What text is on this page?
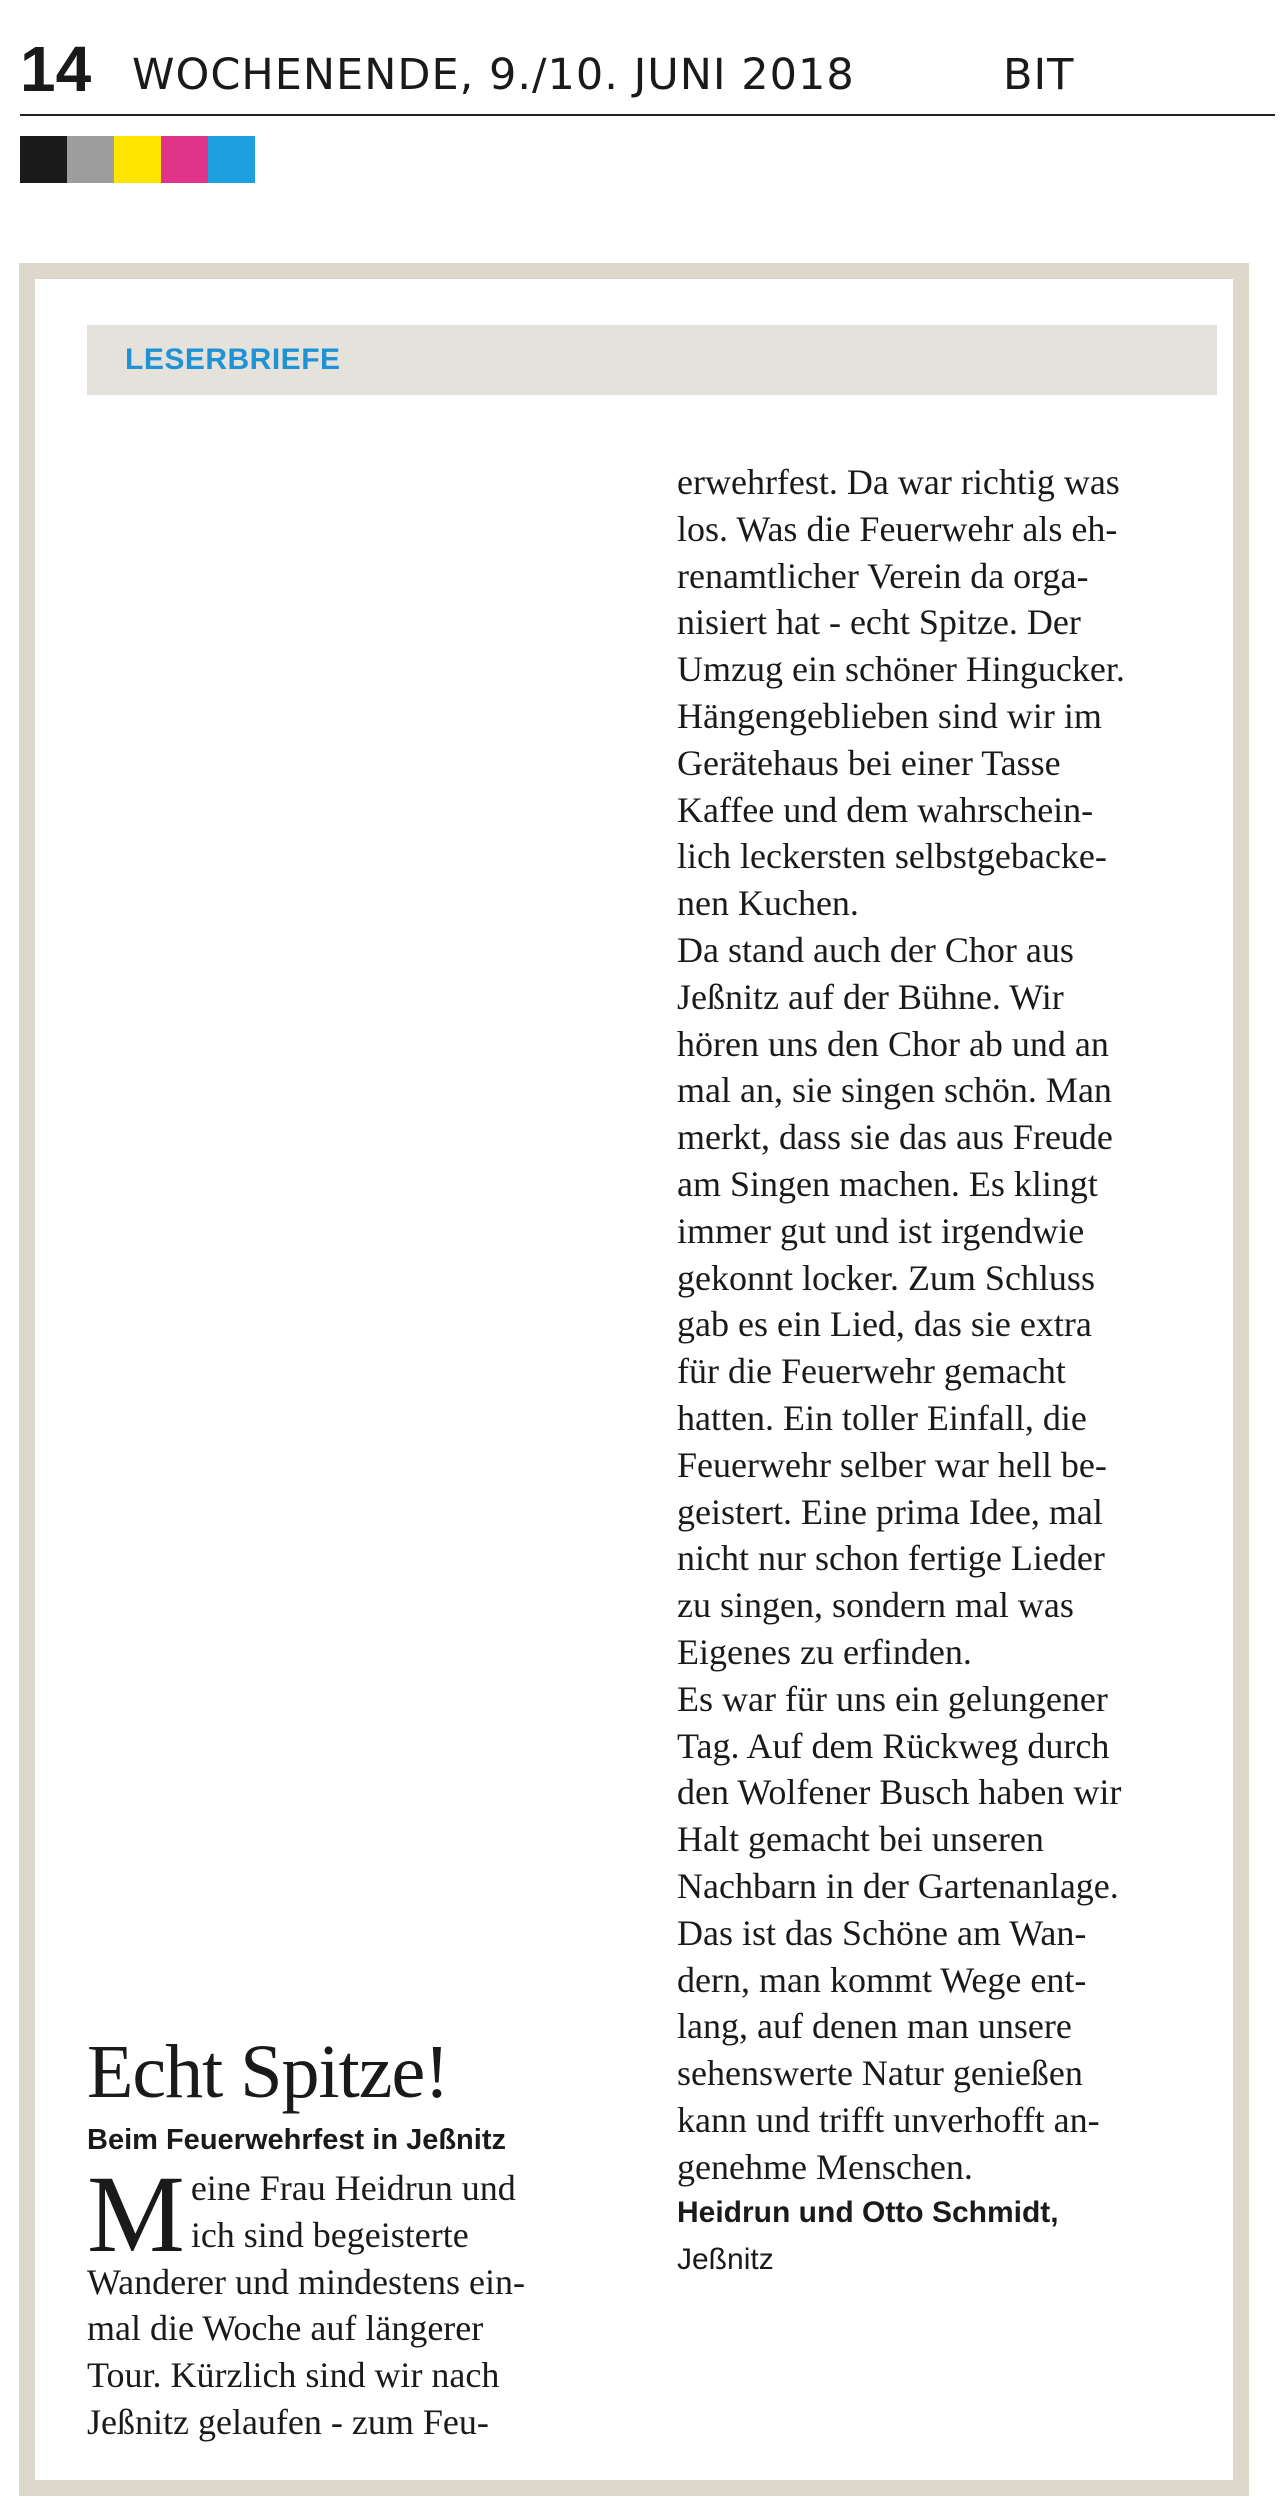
14 WOCHENENDE, 9./10. JUNI 2018	BIT
LESERBRIEFE
Echt Spitze!
Beim Feuerwehrfest in Jeßnitz
M eine Frau Heidrun und
ich sind begeisterte
Wanderer und mindestens ein-
mal die Woche auf längerer
Tour. Kürzlich sind wir nach
Jeßnitz gelaufen - zum Feu-

erwehrfest. Da war richtig was
los. Was die Feuerwehr als eh-
renamtlicher Verein da orga-
nisiert hat - echt Spitze. Der
Umzug ein schöner Hingucker.
Hängengeblieben sind wir im
Gerätehaus bei einer Tasse
Kaffee und dem wahrschein-
lich leckersten selbstgebacke-
nen Kuchen.

Da stand auch der Chor aus
Jeßnitz auf der Bühne. Wir
hören uns den Chor ab und an
mal an, sie singen schön. Man
merkt, dass sie das aus Freude
am Singen machen. Es klingt
immer gut und ist irgendwie
gekonnt locker. Zum Schluss
gab es ein Lied, das sie extra
für die Feuerwehr gemacht
hatten. Ein toller Einfall, die
Feuerwehr selber war hell be-
geistert. Eine prima Idee, mal
nicht nur schon fertige Lieder
zu singen, sondern mal was
Eigenes zu erfinden.

Es war für uns ein gelungener
Tag. Auf dem Rückweg durch
den Wolfener Busch haben wir
Halt gemacht bei unseren
Nachbarn in der Gartenanlage.
Das ist das Schöne am Wan-
dern, man kommt Wege ent-
lang, auf denen man unsere
sehenswerte Natur genießen
kann und trifft unverhofft an-
genehme Menschen.

Heidrun und Otto Schmidt,

Jeßnitz
